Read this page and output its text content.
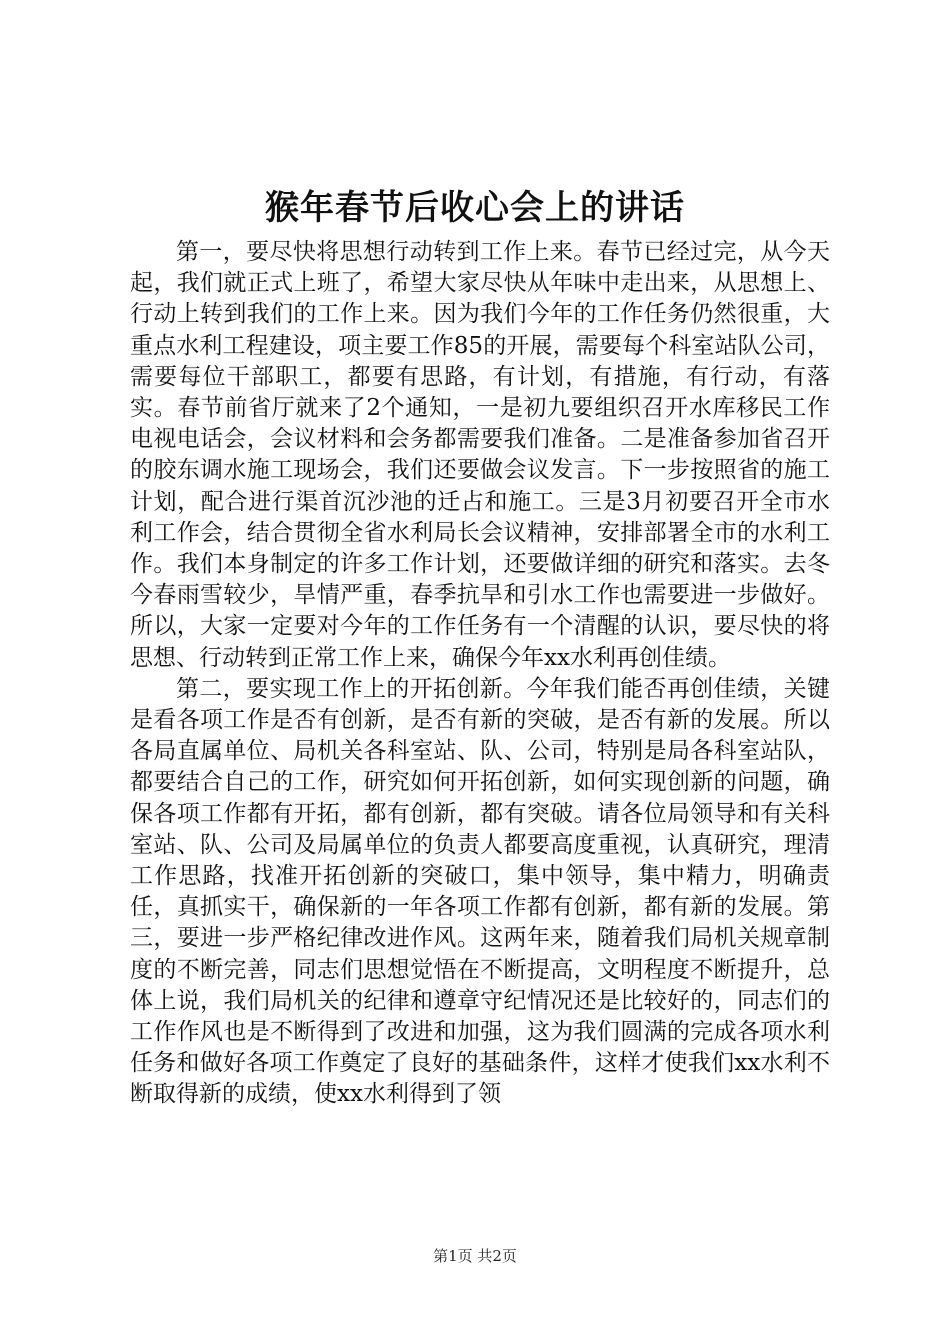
猴年春节后收心会上的讲话

第一，要尽快将思想行动转到工作上来。春节已经过完，从今天起，我们就正式上班了，希望大家尽快从年味中走出来，从思想上、行动上转到我们的工作上来。因为我们今年的工作任务仍然很重，大重点水利工程建设，项主要工作85的开展，需要每个科室站队公司，需要每位干部职工，都要有思路，有计划，有措施，有行动，有落实。春节前省厅就来了2个通知，一是初九要组织召开水库移民工作电视电话会，会议材料和会务都需要我们准备。二是准备参加省召开的胶东调水施工现场会，我们还要做会议发言。下一步按照省的施工计划，配合进行渠首沉沙池的迁占和施工。三是3月初要召开全市水利工作会，结合贯彻全省水利局长会议精神，安排部署全市的水利工作。我们本身制定的许多工作计划，还要做详细的研究和落实。去冬今春雨雪较少，旱情严重，春季抗旱和引水工作也需要进一步做好。所以，大家一定要对今年的工作任务有一个清醒的认识，要尽快的将思想、行动转到正常工作上来，确保今年xx水利再创佳绩。

第二，要实现工作上的开拓创新。今年我们能否再创佳绩，关键是看各项工作是否有创新，是否有新的突破，是否有新的发展。所以各局直属单位、局机关各科室站、队、公司，特别是局各科室站队，都要结合自己的工作，研究如何开拓创新，如何实现创新的问题，确保各项工作都有开拓，都有创新，都有突破。请各位局领导和有关科室站、队、公司及局属单位的负责人都要高度重视，认真研究，理清工作思路，找准开拓创新的突破口，集中领导，集中精力，明确责任，真抓实干，确保新的一年各项工作都有创新，都有新的发展。第三，要进一步严格纪律改进作风。这两年来，随着我们局机关规章制度的不断完善，同志们思想觉悟在不断提高，文明程度不断提升，总体上说，我们局机关的纪律和遵章守纪情况还是比较好的，同志们的工作作风也是不断得到了改进和加强，这为我们圆满的完成各项水利任务和做好各项工作奠定了良好的基础条件，这样才使我们xx水利不断取得新的成绩，使xx水利得到了领

第1页 共2页
